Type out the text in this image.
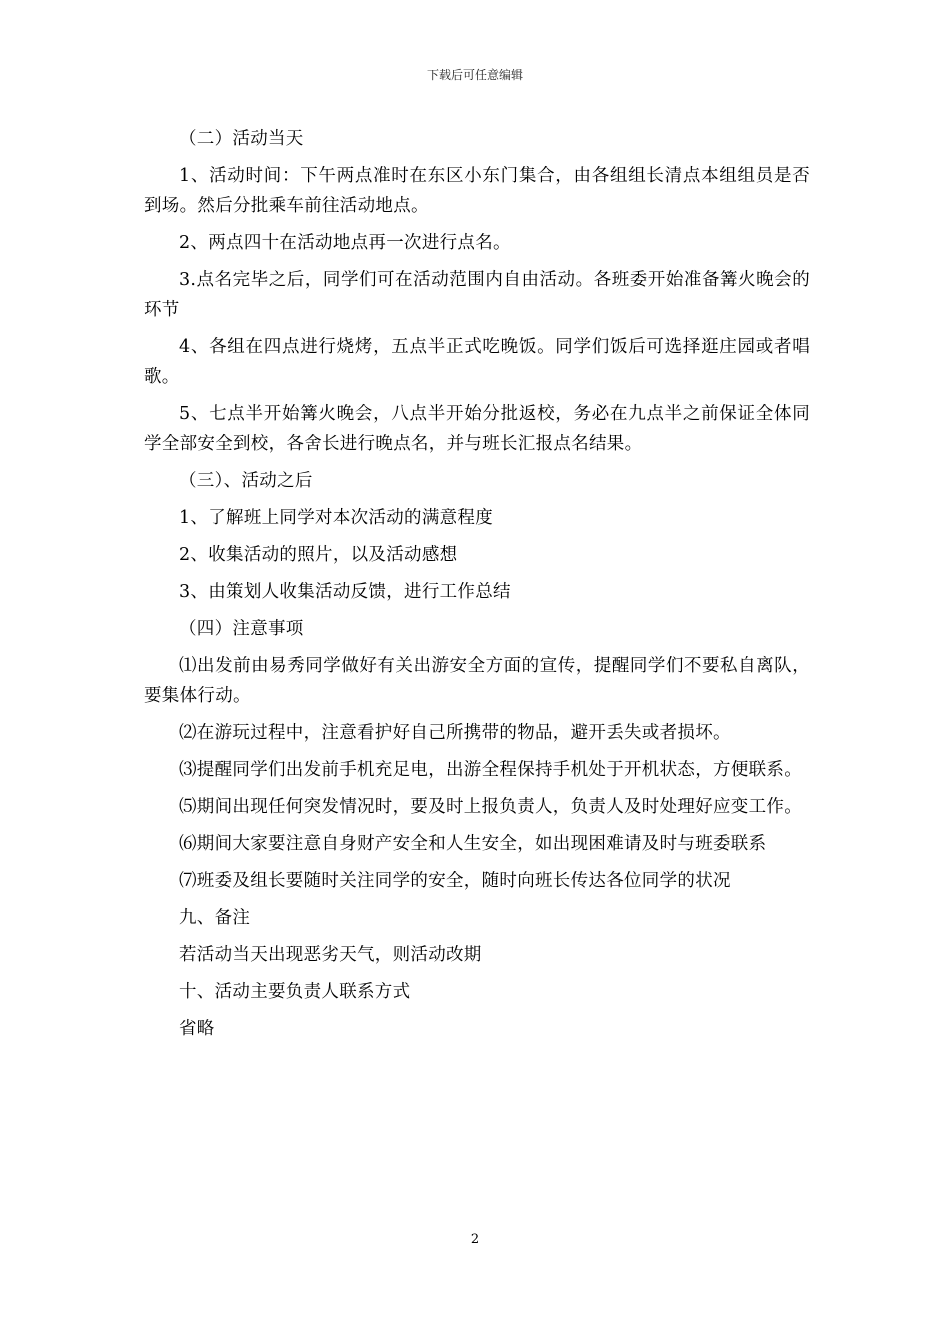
下载后可任意编辑

（二）活动当天

1、活动时间：下午两点准时在东区小东门集合，由各组组长清点本组组员是否到场。然后分批乘车前往活动地点。

2、两点四十在活动地点再一次进行点名。

3.点名完毕之后，同学们可在活动范围内自由活动。各班委开始准备篝火晚会的环节

4、各组在四点进行烧烤，五点半正式吃晚饭。同学们饭后可选择逛庄园或者唱歌。

5、七点半开始篝火晚会，八点半开始分批返校，务必在九点半之前保证全体同学全部安全到校，各舍长进行晚点名，并与班长汇报点名结果。

（三）、活动之后

1、了解班上同学对本次活动的满意程度

2、收集活动的照片，以及活动感想

3、由策划人收集活动反馈，进行工作总结

（四）注意事项

⑴出发前由易秀同学做好有关出游安全方面的宣传，提醒同学们不要私自离队，要集体行动。

⑵在游玩过程中，注意看护好自己所携带的物品，避开丢失或者损坏。

⑶提醒同学们出发前手机充足电，出游全程保持手机处于开机状态，方便联系。

⑸期间出现任何突发情况时，要及时上报负责人，负责人及时处理好应变工作。

⑹期间大家要注意自身财产安全和人生安全，如出现困难请及时与班委联系

⑺班委及组长要随时关注同学的安全，随时向班长传达各位同学的状况

九、备注

若活动当天出现恶劣天气，则活动改期

十、活动主要负责人联系方式

省略

2
